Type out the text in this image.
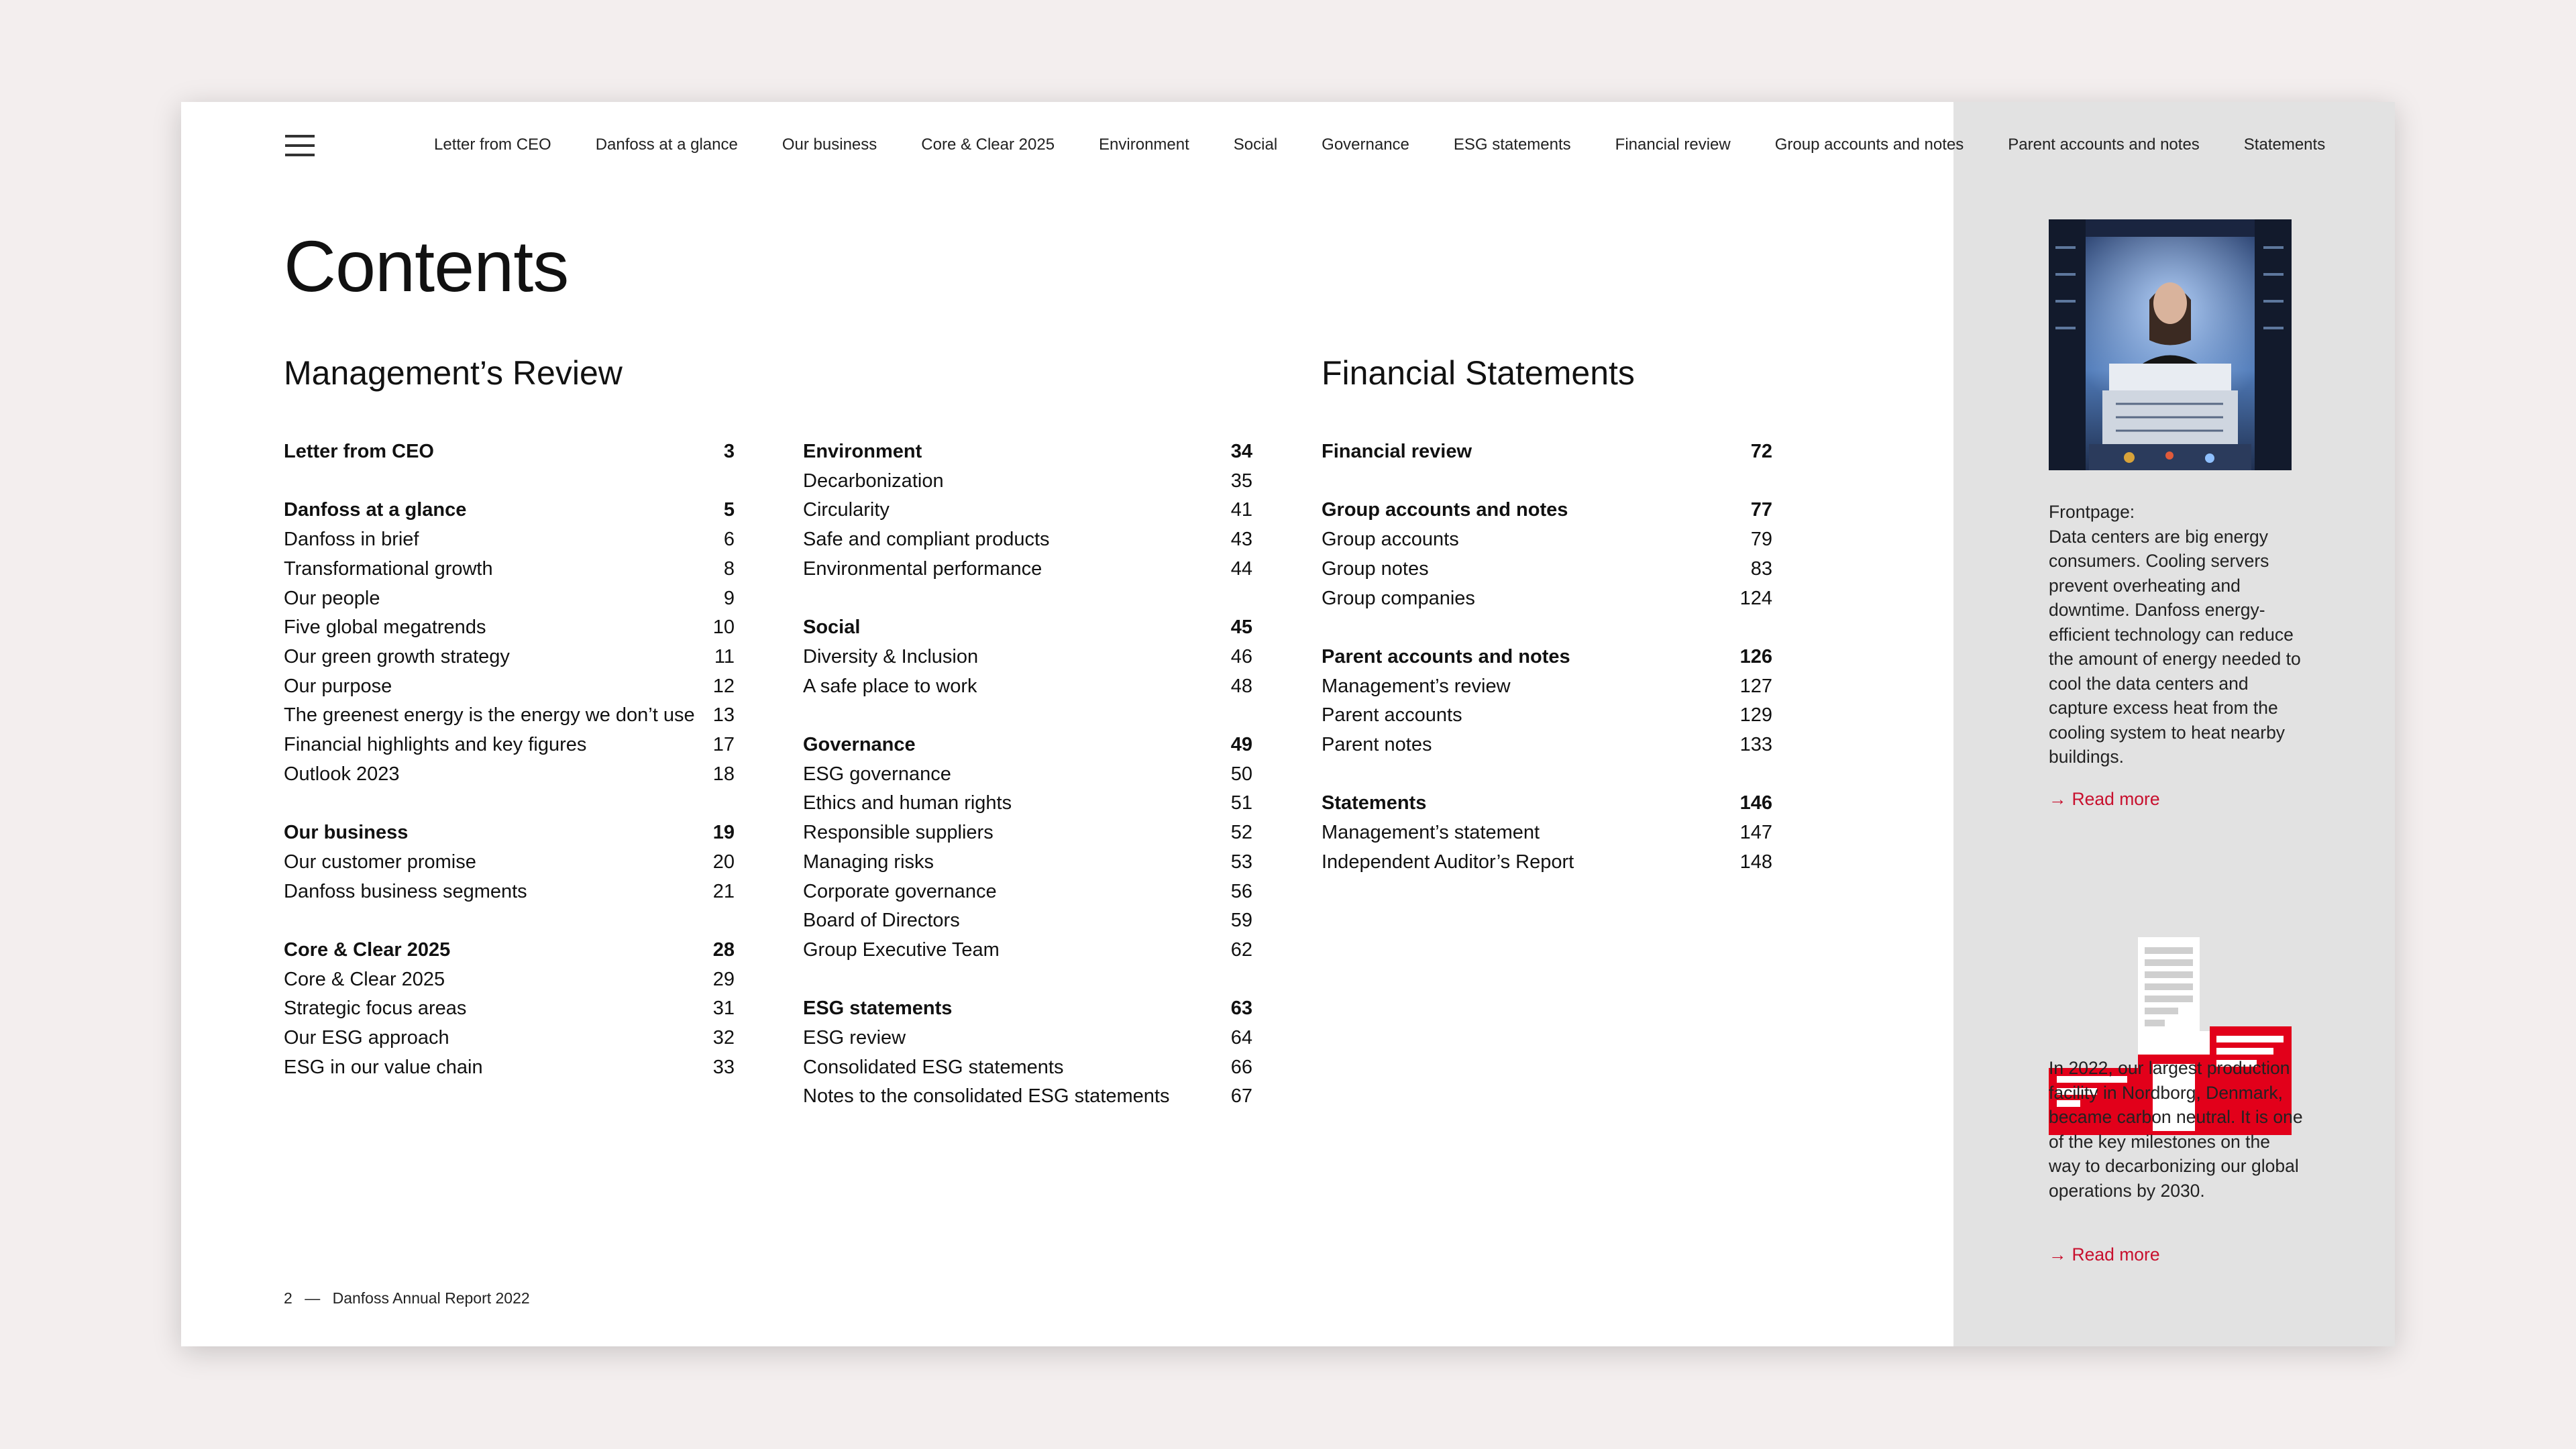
Letter from CEO	Danfoss at a glance	Our business	Core & Clear 2025	Environment	Social	Governance	ESG statements	Financial review	Group accounts and notes	Parent accounts and notes	Statements
Contents
Management’s Review	Financial Statements
Letter from CEO	3
Danfoss at a glance	5
Danfoss in brief	6
Transformational growth	8
Our people	9
Five global megatrends	10
Our green growth strategy	11
Our purpose	12
The greenest energy is the energy we don’t use 13
Financial highlights and key figures	17
Outlook 2023	18
Our business	19
Our customer promise	20
Danfoss business segments	21
Core & Clear 2025	28
Core & Clear 2025	29
Strategic focus areas	31
Our ESG approach	32
ESG in our value chain	33
Environment	34
Decarbonization	35
Circularity	41
Safe and compliant products	43
Environmental performance	44
Social	45
Diversity & Inclusion	46
A safe place to work	48
Governance	49
ESG governance	50
Ethics and human rights	51
Responsible suppliers	52
Managing risks	53
Corporate governance	56
Board of Directors	59
Group Executive Team	62
ESG statements	63
ESG review	64
Consolidated ESG statements	66
Notes to the consolidated ESG statements	67
Financial review	72
Group accounts and notes	77
Group accounts	79
Group notes	83
Group companies	124
Parent accounts and notes	126
Management’s review	127
Parent accounts	129
Parent notes	133
Statements	146
Management’s statement	147
Independent Auditor’s Report	148
2 — Danfoss Annual Report 2022
Frontpage:
Data centers are big energy consumers. Cooling servers prevent overheating and downtime. Danfoss energy-efficient technology can reduce the amount of energy needed to cool the data centers and capture excess heat from the cooling system to heat nearby buildings.
→ Read more
In 2022, our largest production facility in Nordborg, Denmark, became carbon neutral. It is one of the key milestones on the way to decarbonizing our global operations by 2030.
→ Read more
